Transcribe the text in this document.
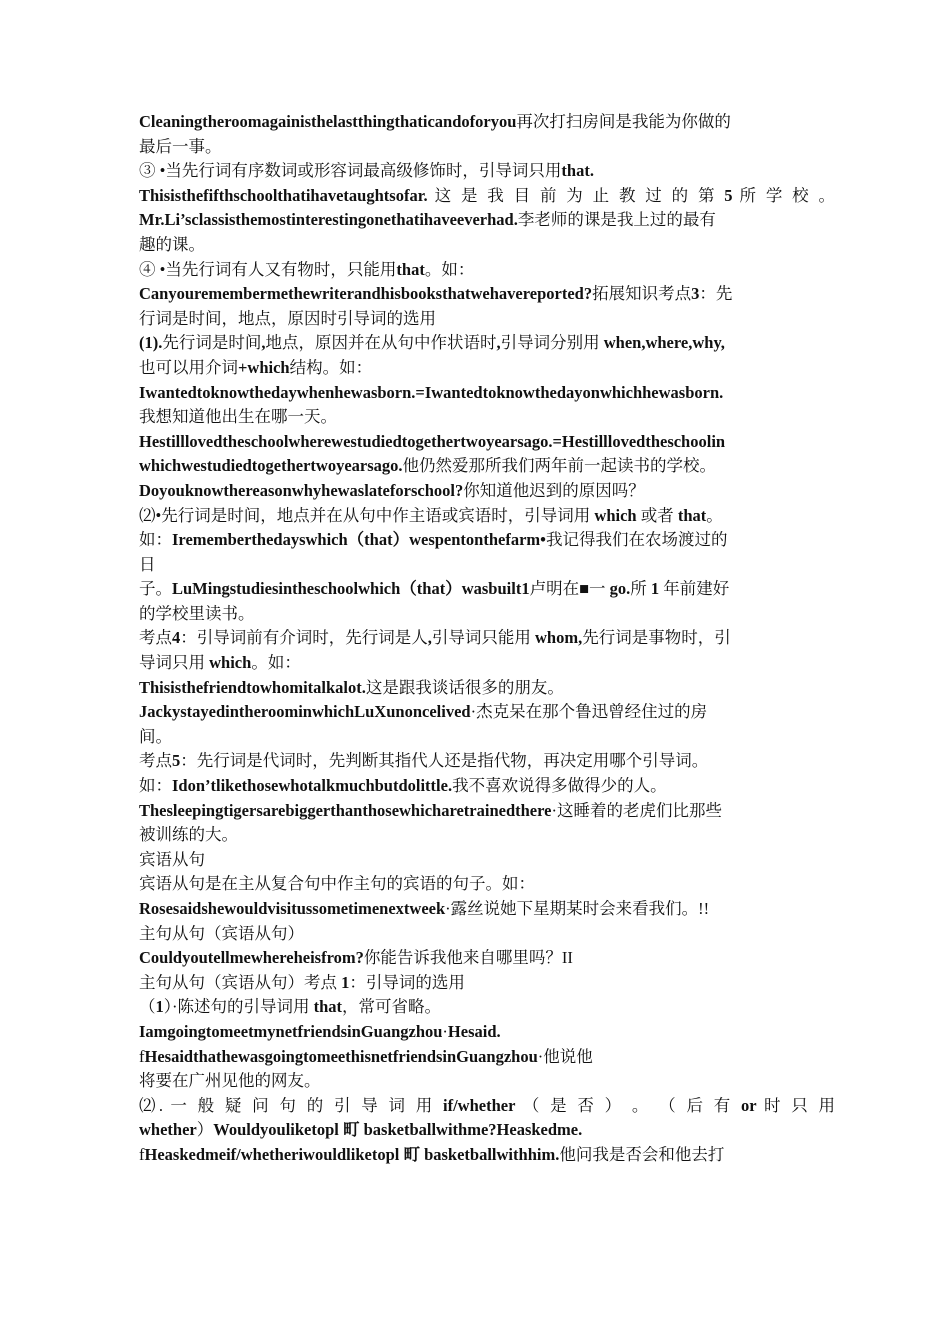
Cleaningtheroomagainisthelastthingthaticandoforyou再次打扫房间是我能为你做的
最后一事。
③ •当先行词有序数词或形容词最高级修饰时，引导词只用that.
Thisisthefifthschoolthatihavetaughtsofar. 这 是 我 目 前 为 止 教 过 的 第 5 所 学 校 。
Mr.Li’sclassisthemostinterestingonethatihaveeverhad.李老师的课是我上过的最有
趣的课。
④ •当先行词有人又有物时，只能用that。如：
Canyouremembermethewriterandhisbooksthatwehavereported?拓展知识考点3：先
行词是时间，地点，原因时引导词的选用
(1).先行词是时间,地点，原因并在从句中作状语时,引导词分别用 when,where,why,
也可以用介词+which结构。如：
Iwantedtoknowthedaywhenhewasborn.=Iwantedtoknowthedayonwhichhewasborn.
我想知道他出生在哪一天。
Hestilllovedtheschoolwherewestudiedtogethertwoyearsago.=Hestilllovedtheschoolin
whichwestudiedtogethertwoyearsago.他仍然爱那所我们两年前一起读书的学校。
Doyouknowthereasonwhyhewaslateforschool?你知道他迟到的原因吗？
⑵•先行词是时间，地点并在从句中作主语或宾语时，引导词用 which 或者 that。
如：Irememberthedayswhich（that）wespentonthefarm•我记得我们在农场渡过的
日
子。LuMingstudiesintheschoolwhich（that）wasbuilt1卢明在■一 go.所 1 年前建好
的学校里读书。
考点4：引导词前有介词时，先行词是人,引导词只能用 whom,先行词是事物时，引
导词只用 which。如：
Thisisthefriendtowhomitalkalot.这是跟我谈话很多的朋友。
JackystayedintheroominwhichLuXunoncelived·杰克呆在那个鲁迅曾经住过的房
间。
考点5：先行词是代词时，先判断其指代人还是指代物，再决定用哪个引导词。
如：Idon’tlikethosewhotalkmuchbutdolittle.我不喜欢说得多做得少的人。
Thesleepingtigersarebiggerthanthosewhicharetrainedthere·这睡着的老虎们比那些
被训练的大。
宾语从句
宾语从句是在主从复合句中作主句的宾语的句子。如：
Rosesaidshewouldvisitussometimenextweek·露丝说她下星期某时会来看我们。!!
主句从句（宾语从句）
Couldyoutellmewhereheisfrom?你能告诉我他来自哪里吗？II
主句从句（宾语从句）考点 1：引导词的选用
（1）·陈述句的引导词用 that，常可省略。
IamgoingtomeetmynetfriendsinGuangzhou·Hesaid.
fHesaidthathewasgoingtomeethisnetfriendsinGuangzhou·他说他
将要在广州见他的网友。
⑵. 一 般 疑 问 句 的 引 导 词 用 if/whether （ 是 否 ） 。 （ 后 有 or 时 只 用
whether）Wouldyouliketopl 町 basketballwithme?Heaskedme.
fHeaskedmeif/whetheriwouldliketopl 町 basketballwithhim.他问我是否会和他去打
